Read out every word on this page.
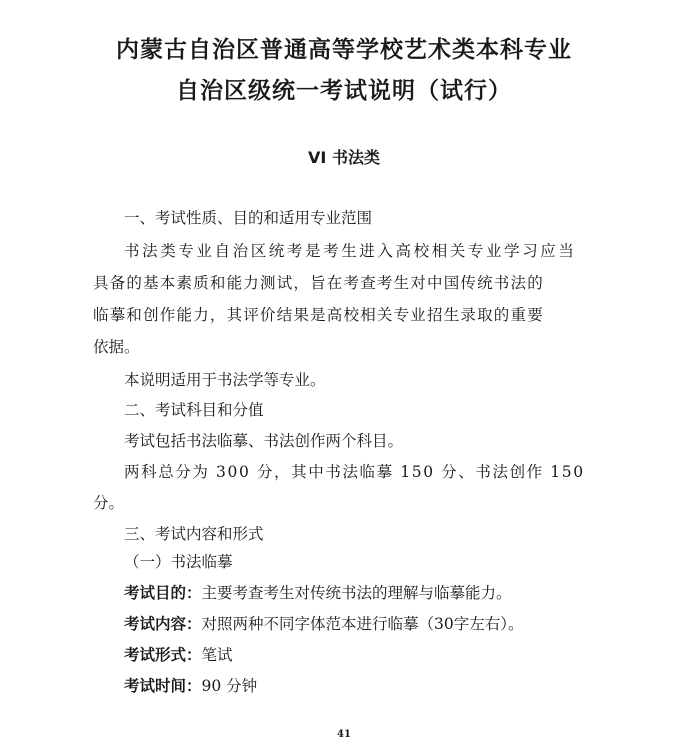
内蒙古自治区普通高等学校艺术类本科专业
自治区级统一考试说明（试行）
VI 书法类
一、考试性质、目的和适用专业范围
书法类专业自治区统考是考生进入高校相关专业学习应当
具备的基本素质和能力测试，旨在考查考生对中国传统书法的
临摹和创作能力，其评价结果是高校相关专业招生录取的重要
依据。
本说明适用于书法学等专业。
二、考试科目和分值
考试包括书法临摹、书法创作两个科目。
两科总分为 300 分，其中书法临摹 150 分、书法创作 150
分。
三、考试内容和形式
（一）书法临摹
考试目的：主要考查考生对传统书法的理解与临摹能力。
考试内容：对照两种不同字体范本进行临摹（30字左右）。
考试形式：笔试
考试时间：90 分钟
41
